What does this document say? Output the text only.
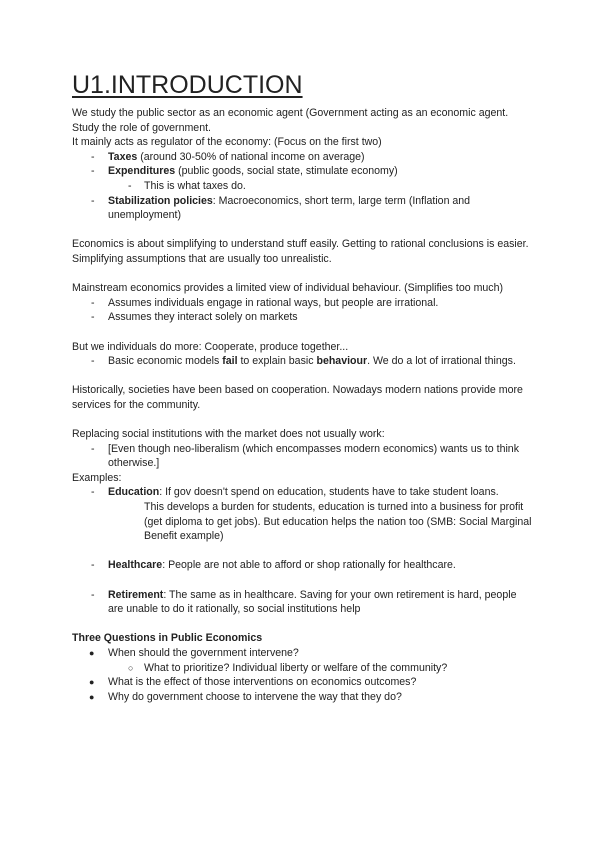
U1.INTRODUCTION

We study the public sector as an economic agent (Government acting as an economic agent. Study the role of government.

It mainly acts as regulator of the economy: (Focus on the first two)

- Taxes (around 30-50% of national income on average)
- Expenditures (public goods, social state, stimulate economy)
- This is what taxes do.
- Stabilization policies: Macroeconomics, short term, large term (Inflation and unemployment)

Economics is about simplifying to understand stuff easily. Getting to rational conclusions is easier. Simplifying assumptions that are usually too unrealistic.

Mainstream economics provides a limited view of individual behaviour. (Simplifies too much)

- Assumes individuals engage in rational ways, but people are irrational.
- Assumes they interact solely on markets

But we individuals do more: Cooperate, produce together...

- Basic economic models fail to explain basic behaviour. We do a lot of irrational things.

Historically, societies have been based on cooperation. Nowadays modern nations provide more services for the community.

Replacing social institutions with the market does not usually work:

- [Even though neo-liberalism (which encompasses modern economics) wants us to think otherwise.]

Examples:

- Education: If gov doesn't spend on education, students have to take student loans.
This develops a burden for students, education is turned into a business for profit (get diploma to get jobs). But education helps the nation too (SMB: Social Marginal Benefit example)
- Healthcare: People are not able to afford or shop rationally for healthcare.
- Retirement: The same as in healthcare. Saving for your own retirement is hard, people are unable to do it rationally, so social institutions help

Three Questions in Public Economics

● When should the government intervene?
○ What to prioritize? Individual liberty or welfare of the community?
● What is the effect of those interventions on economics outcomes?
● Why do government choose to intervene the way that they do?
